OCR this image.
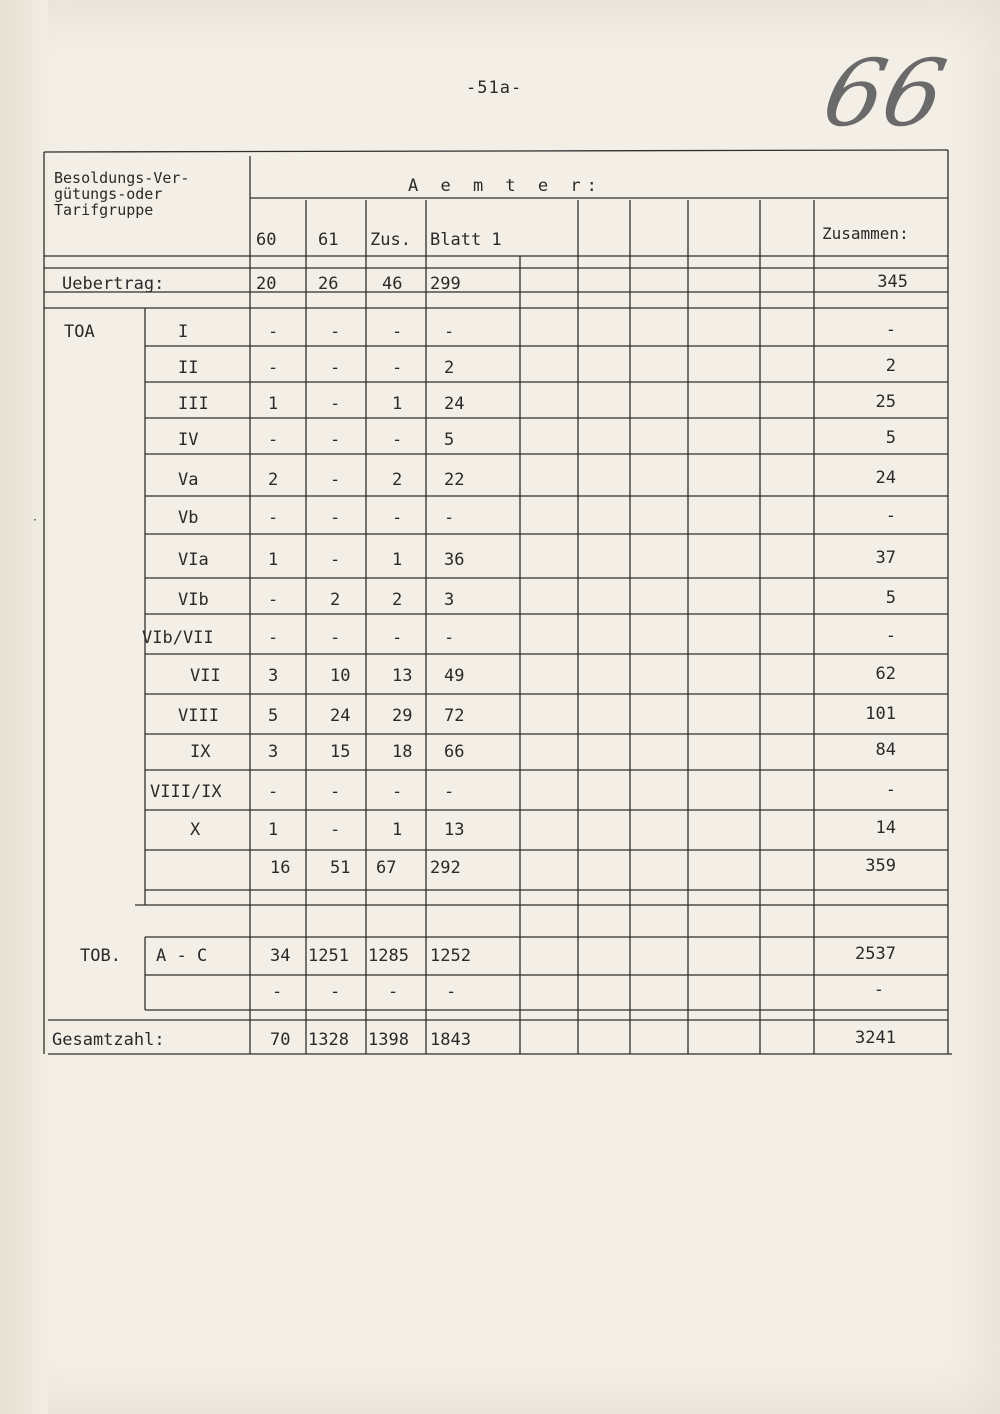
-51a-	66
·
Besoldungs-Ver-
gütungs-oder
Tarifgruppe
A e m t e r:
60 61 Zus. Blatt 1	Zusammen:
Uebertrag:	20 26	46 299	345
TOA	I	-	-	- -	-
II	-	-	- 2	2
III	1	-	1 24	25
IV	-	-	- 5	5
Va	2	-	2 22	24
Vb	-	-	- -	-
VIa	1	-	1 36	37
VIb	-	2	2 3	5
VIb/VII	-	-	- -	-
VII	3	10 13 49	62
VIII	5	24 29 72	101
IX	3	15 18 66	84
VIII/IX	-	-	- -	-
X	1	-	1 13	14
16 51 67 292	359
TOB. A - C	34 1251 1285 1252	2537
-	-	-	-	-
Gesamtzahl:	70 1328 1398 1843	3241
